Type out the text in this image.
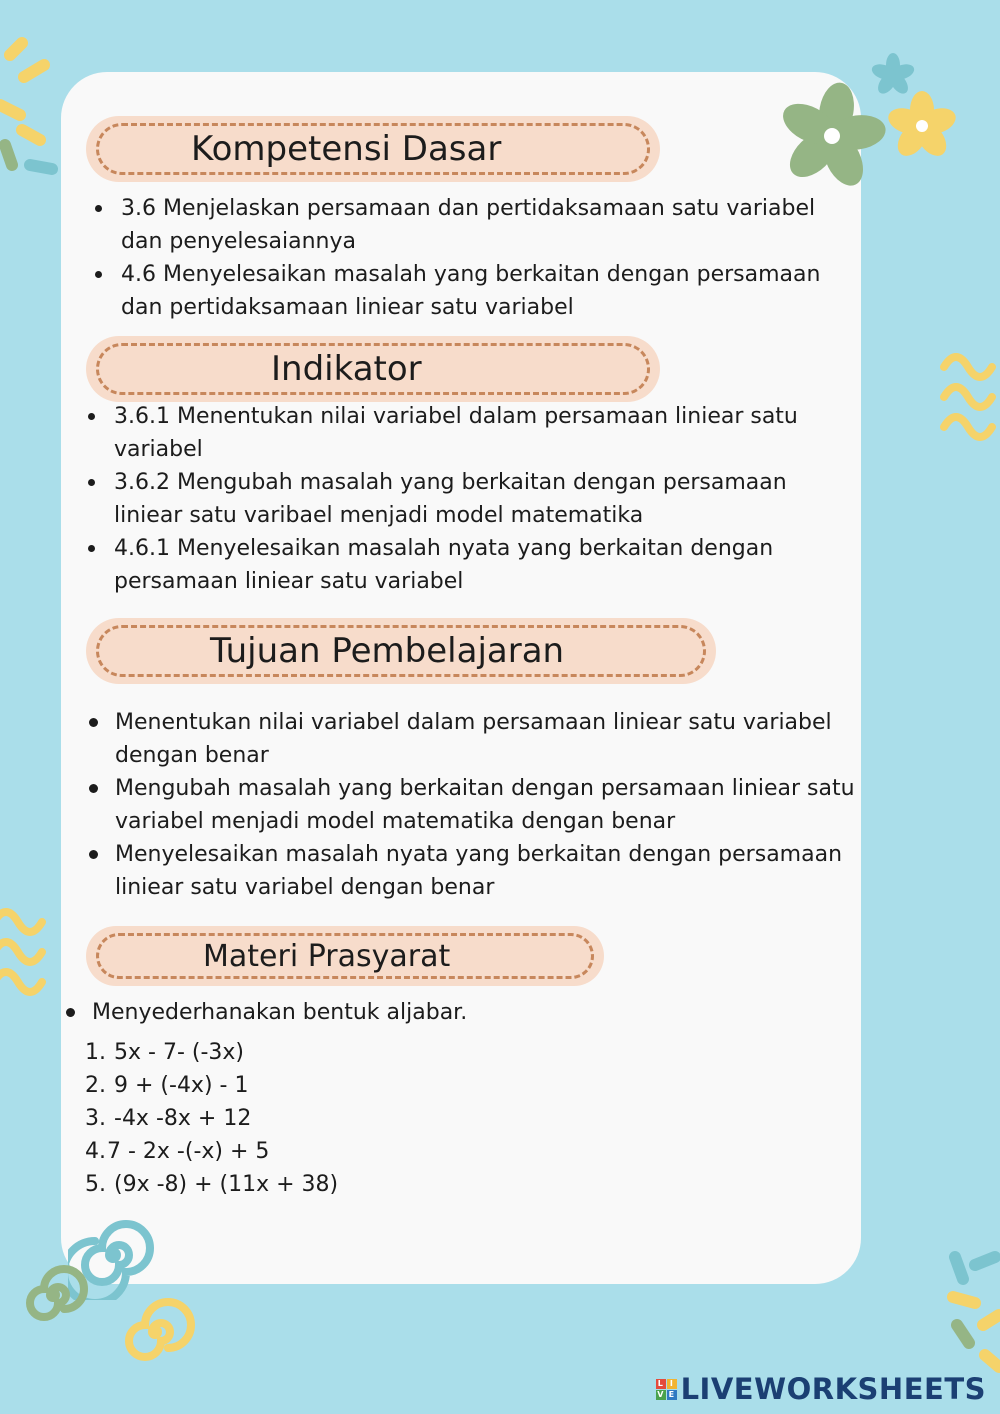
Kompetensi Dasar
3.6 Menjelaskan persamaan dan pertidaksamaan satu variabel dan penyelesaiannya
4.6 Menyelesaikan masalah yang berkaitan dengan persamaan dan pertidaksamaan liniear satu variabel
Indikator
3.6.1 Menentukan nilai variabel dalam persamaan liniear satu variabel
3.6.2 Mengubah masalah yang berkaitan dengan persamaan liniear satu varibael menjadi model matematika
4.6.1 Menyelesaikan masalah nyata yang berkaitan dengan persamaan liniear satu variabel
Tujuan Pembelajaran
Menentukan nilai variabel dalam persamaan liniear satu variabel dengan benar
Mengubah masalah yang berkaitan dengan persamaan liniear satu variabel menjadi model matematika dengan benar
Menyelesaikan masalah nyata yang berkaitan dengan persamaan liniear satu variabel dengan benar
Materi Prasyarat
Menyederhanakan bentuk aljabar.
1. 5x - 7- (-3x)
2. 9 + (-4x) - 1
3. -4x -8x + 12
4. 7 - 2x -(-x) + 5
5. (9x -8) + (11x + 38)
L I
V E LIVEWORKSHEETS
